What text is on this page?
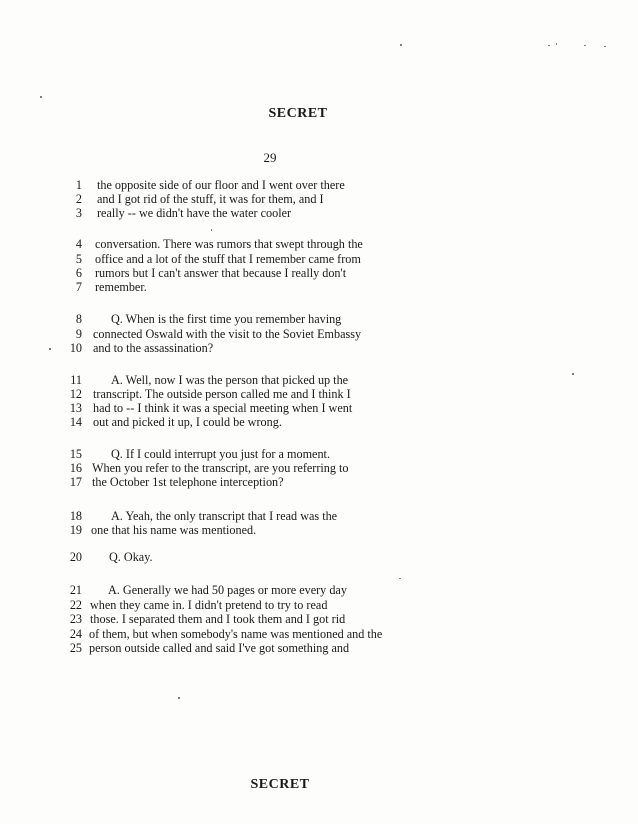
SECRET
29
1 the opposite side of our floor and I went over there
2 and I got rid of the stuff, it was for them, and I
3 really -- we didn't have the water cooler
4 conversation. There was rumors that swept through the
5 office and a lot of the stuff that I remember came from
6 rumors but I can't answer that because I really don't
7 remember.
8 Q. When is the first time you remember having
9 connected Oswald with the visit to the Soviet Embassy
10 and to the assassination?
11 A. Well, now I was the person that picked up the
12 transcript. The outside person called me and I think I
13 had to -- I think it was a special meeting when I went
14 out and picked it up, I could be wrong.
15 Q. If I could interrupt you just for a moment.
16 When you refer to the transcript, are you referring to
17 the October 1st telephone interception?
18 A. Yeah, the only transcript that I read was the
19 one that his name was mentioned.
20 Q. Okay.
21 A. Generally we had 50 pages or more every day
22 when they came in. I didn't pretend to try to read
23 those. I separated them and I took them and I got rid
24 of them, but when somebody's name was mentioned and the
25 person outside called and said I've got something and
SECRET
